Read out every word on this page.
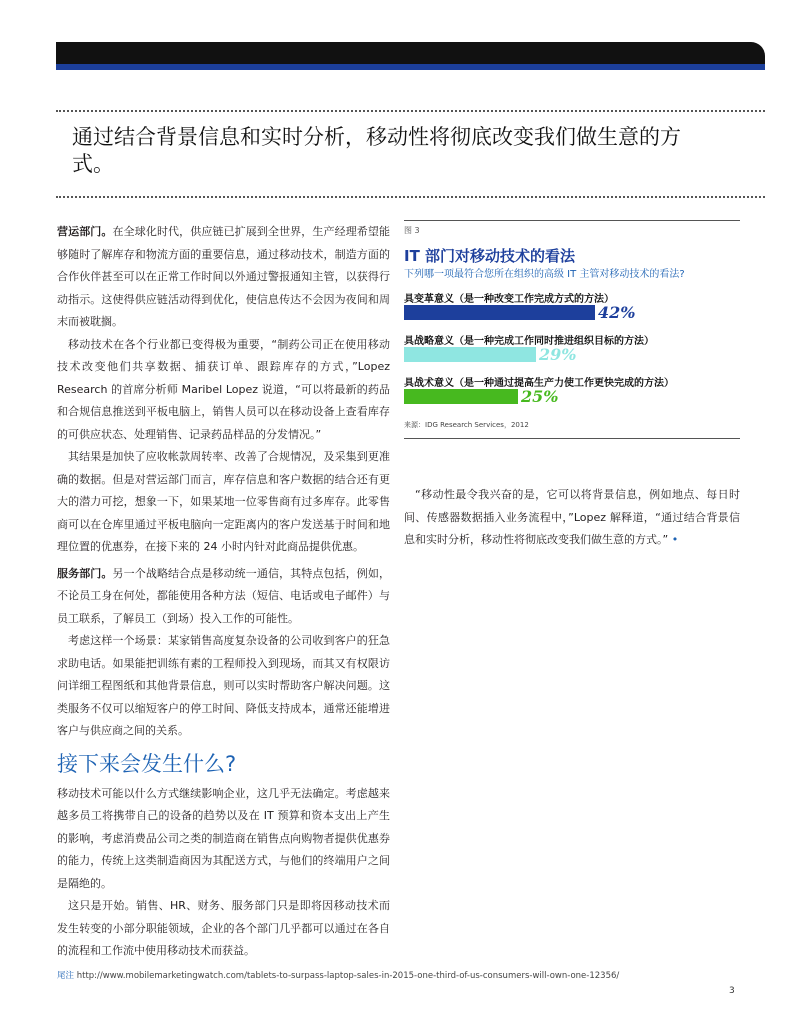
通过结合背景信息和实时分析，移动性将彻底改变我们做生意的方式。

营运部门。在全球化时代，供应链已扩展到全世界，生产经理希望能够随时了解库存和物流方面的重要信息，通过移动技术，制造方面的合作伙伴甚至可以在正常工作时间以外通过警报通知主管，以获得行动指示。这使得供应链活动得到优化，使信息传达不会因为夜间和周末而被耽搁。

移动技术在各个行业都已变得极为重要，“制药公司正在使用移动技术改变他们共享数据、捕获订单、跟踪库存的方式，”Lopez Research 的首席分析师 Maribel Lopez 说道，“可以将最新的药品和合规信息推送到平板电脑上，销售人员可以在移动设备上查看库存的可供应状态、处理销售、记录药品样品的分发情况。”

其结果是加快了应收帐款周转率、改善了合规情况，及采集到更准确的数据。但是对营运部门而言，库存信息和客户数据的结合还有更大的潜力可挖，想象一下，如果某地一位零售商有过多库存。此零售商可以在仓库里通过平板电脑向一定距离内的客户发送基于时间和地理位置的优惠券，在接下来的 24 小时内针对此商品提供优惠。

服务部门。另一个战略结合点是移动统一通信，其特点包括，例如，不论员工身在何处，都能使用各种方法（短信、电话或电子邮件）与员工联系，了解员工（到场）投入工作的可能性。

考虑这样一个场景：某家销售高度复杂设备的公司收到客户的狂急求助电话。如果能把训练有素的工程师投入到现场，而其又有权限访问详细工程图纸和其他背景信息，则可以实时帮助客户解决问题。这类服务不仅可以缩短客户的停工时间、降低支持成本，通常还能增进客户与供应商之间的关系。

接下来会发生什么?

移动技术可能以什么方式继续影响企业，这几乎无法确定。考虑越来越多员工将携带自己的设备的趋势以及在 IT 预算和资本支出上产生的影响，考虑消费品公司之类的制造商在销售点向购物者提供优惠券的能力，传统上这类制造商因为其配送方式，与他们的终端用户之间是隔绝的。

这只是开始。销售、HR、财务、服务部门只是即将因移动技术而发生转变的小部分职能领域，企业的各个部门几乎都可以通过在各自的流程和工作流中使用移动技术而获益。

图 3
IT 部门对移动技术的看法
下列哪一项最符合您所在组织的高级 IT 主管对移动技术的看法?
具变革意义（是一种改变工作完成方式的方法）
42%
具战略意义（是一种完成工作同时推进组织目标的方法）
29%
具战术意义（是一种通过提高生产力使工作更快完成的方法）
25%
来源：IDG Research Services，2012

“移动性最令我兴奋的是，它可以将背景信息，例如地点、每日时间、传感器数据插入业务流程中，”Lopez 解释道，“通过结合背景信息和实时分析，移动性将彻底改变我们做生意的方式。” •

尾注 http://www.mobilemarketingwatch.com/tablets-to-surpass-laptop-sales-in-2015-one-third-of-us-consumers-will-own-one-12356/
3
